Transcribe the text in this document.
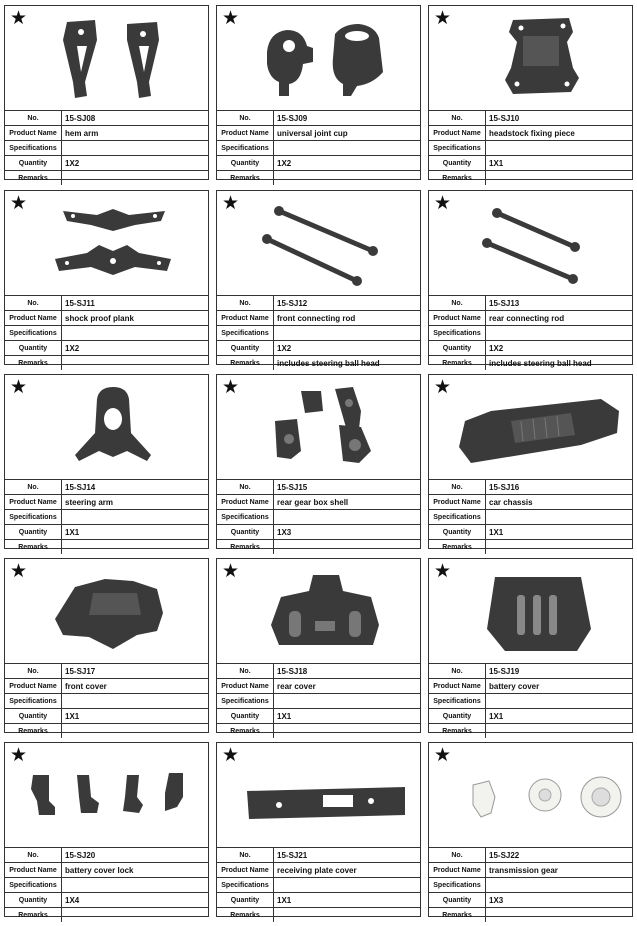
★
No.	15-SJ08
Product Name	hem arm
Specifications	
Quantity	1X2
Remarks	
★
No.	15-SJ09
Product Name	universal joint cup
Specifications	
Quantity	1X2
Remarks	
★
No.	15-SJ10
Product Name	headstock fixing piece
Specifications	
Quantity	1X1
Remarks	
★
No.	15-SJ11
Product Name	shock proof plank
Specifications	
Quantity	1X2
Remarks	
★
No.	15-SJ12
Product Name	front connecting rod
Specifications	
Quantity	1X2
Remarks	includes steering ball head
★
No.	15-SJ13
Product Name	rear connecting rod
Specifications	
Quantity	1X2
Remarks	includes steering ball head
★
No.	15-SJ14
Product Name	steering arm
Specifications	
Quantity	1X1
Remarks	
★
No.	15-SJ15
Product Name	rear gear box shell
Specifications	
Quantity	1X3
Remarks	
★
No.	15-SJ16
Product Name	car chassis
Specifications	
Quantity	1X1
Remarks	
★
No.	15-SJ17
Product Name	front cover
Specifications	
Quantity	1X1
Remarks	
★
No.	15-SJ18
Product Name	rear cover
Specifications	
Quantity	1X1
Remarks	
★
No.	15-SJ19
Product Name	battery cover
Specifications	
Quantity	1X1
Remarks	
★
No.	15-SJ20
Product Name	battery cover lock
Specifications	
Quantity	1X4
Remarks	
★
No.	15-SJ21
Product Name	receiving plate cover
Specifications	
Quantity	1X1
Remarks	
★
No.	15-SJ22
Product Name	transmission gear
Specifications	
Quantity	1X3
Remarks	
